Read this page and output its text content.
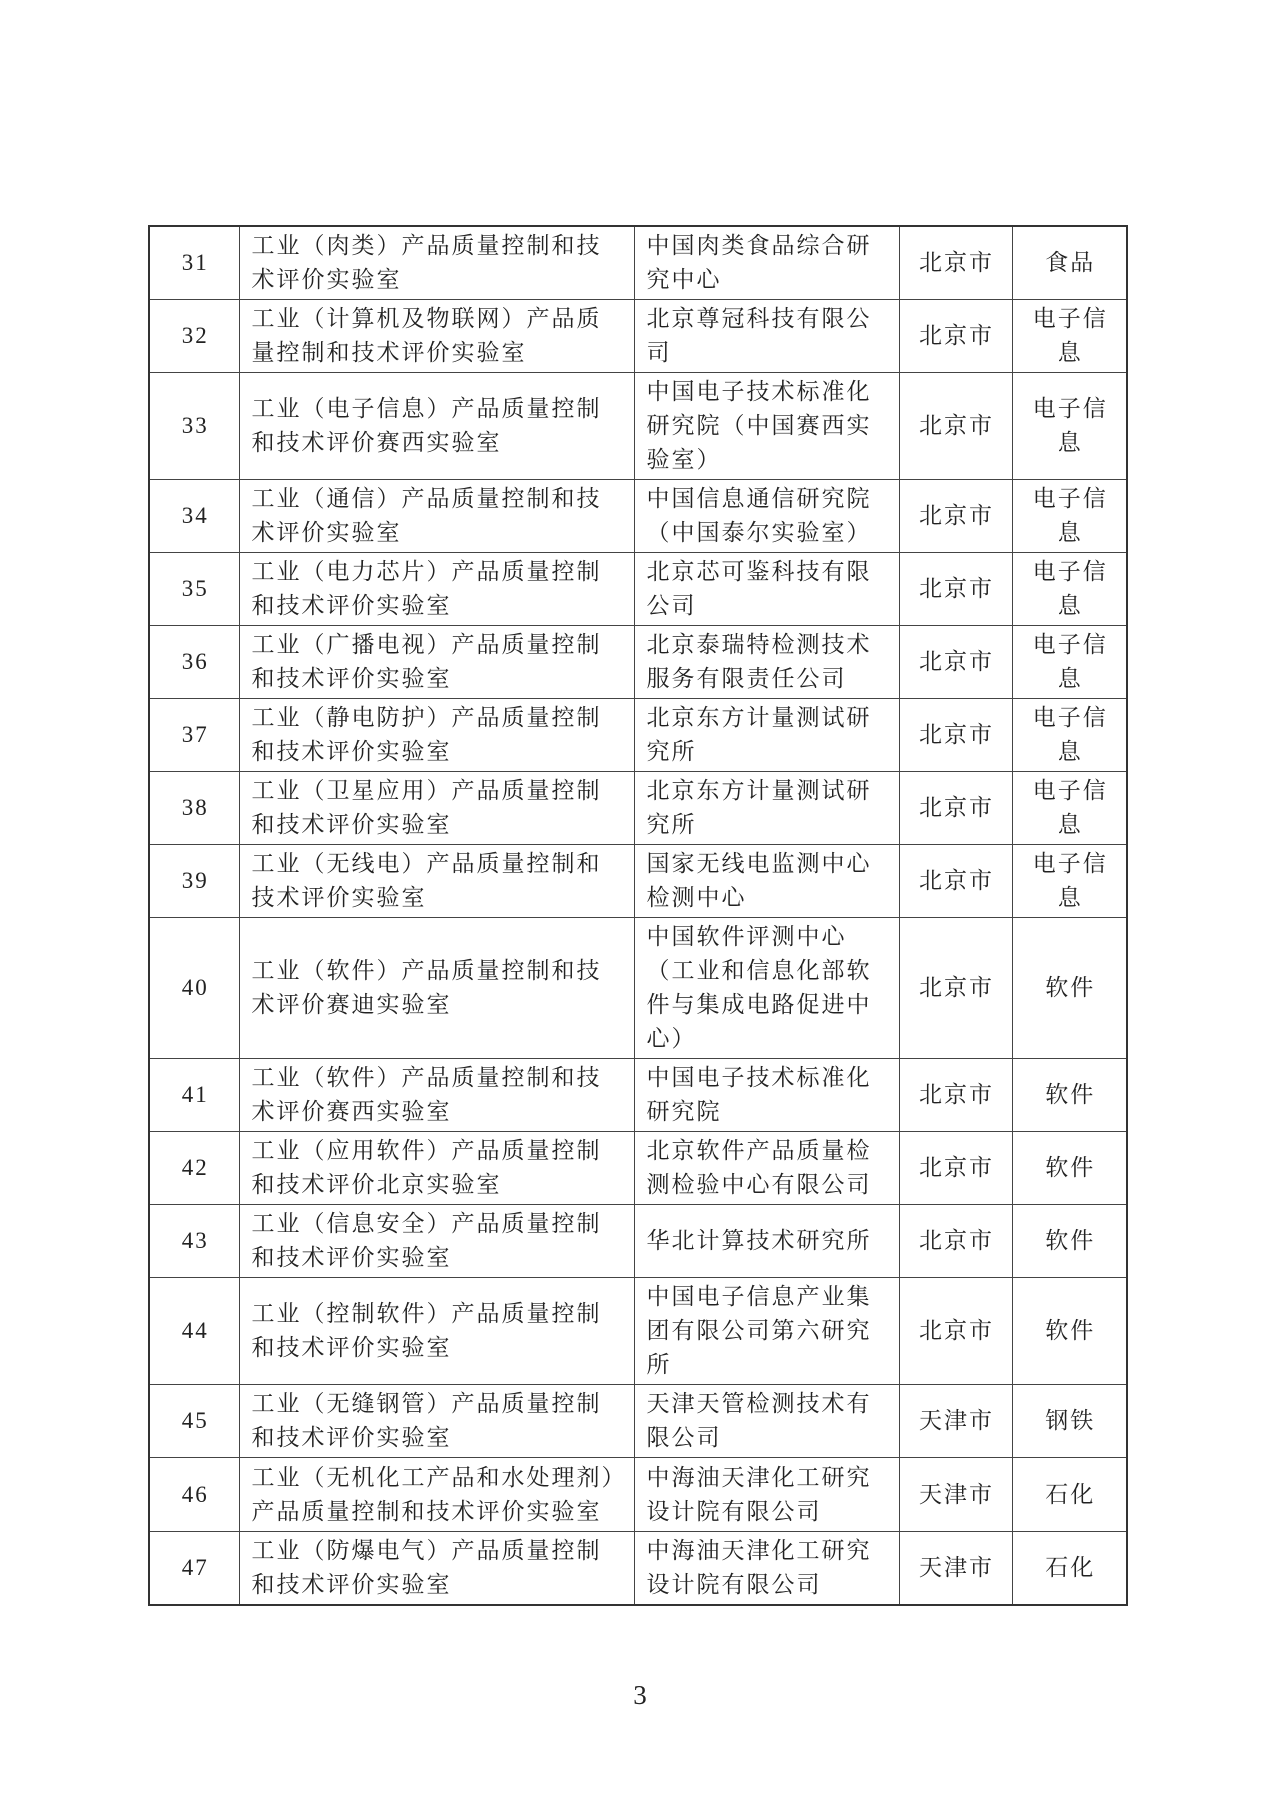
31	工业（肉类）产品质量控制和技术评价实验室	中国肉类食品综合研究中心	北京市	食品
32	工业（计算机及物联网）产品质量控制和技术评价实验室	北京尊冠科技有限公司	北京市	电子信息
33	工业（电子信息）产品质量控制和技术评价赛西实验室	中国电子技术标准化研究院（中国赛西实验室）	北京市	电子信息
34	工业（通信）产品质量控制和技术评价实验室	中国信息通信研究院（中国泰尔实验室）	北京市	电子信息
35	工业（电力芯片）产品质量控制和技术评价实验室	北京芯可鉴科技有限公司	北京市	电子信息
36	工业（广播电视）产品质量控制和技术评价实验室	北京泰瑞特检测技术服务有限责任公司	北京市	电子信息
37	工业（静电防护）产品质量控制和技术评价实验室	北京东方计量测试研究所	北京市	电子信息
38	工业（卫星应用）产品质量控制和技术评价实验室	北京东方计量测试研究所	北京市	电子信息
39	工业（无线电）产品质量控制和技术评价实验室	国家无线电监测中心检测中心	北京市	电子信息
40	工业（软件）产品质量控制和技术评价赛迪实验室	中国软件评测中心（工业和信息化部软件与集成电路促进中心）	北京市	软件
41	工业（软件）产品质量控制和技术评价赛西实验室	中国电子技术标准化研究院	北京市	软件
42	工业（应用软件）产品质量控制和技术评价北京实验室	北京软件产品质量检测检验中心有限公司	北京市	软件
43	工业（信息安全）产品质量控制和技术评价实验室	华北计算技术研究所	北京市	软件
44	工业（控制软件）产品质量控制和技术评价实验室	中国电子信息产业集团有限公司第六研究所	北京市	软件
45	工业（无缝钢管）产品质量控制和技术评价实验室	天津天管检测技术有限公司	天津市	钢铁
46	工业（无机化工产品和水处理剂）产品质量控制和技术评价实验室	中海油天津化工研究设计院有限公司	天津市	石化
47	工业（防爆电气）产品质量控制和技术评价实验室	中海油天津化工研究设计院有限公司	天津市	石化
3
